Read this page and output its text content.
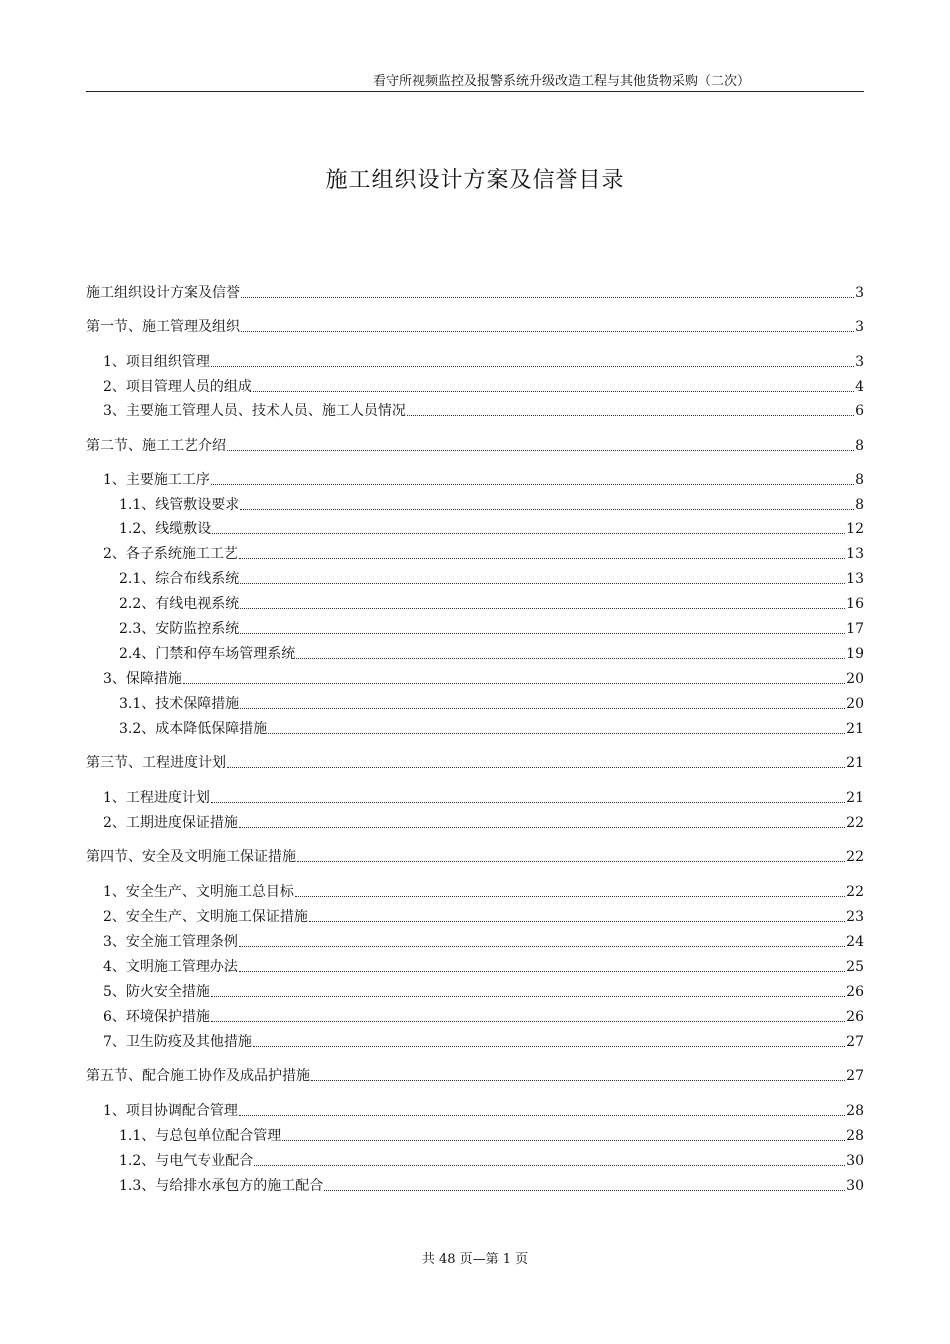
看守所视频监控及报警系统升级改造工程与其他货物采购（二次）
施工组织设计方案及信誉目录
施工组织设计方案及信誉	3
第一节、施工管理及组织	3
1、项目组织管理	3
2、项目管理人员的组成	4
3、主要施工管理人员、技术人员、施工人员情况	6
第二节、施工工艺介绍	8
1、主要施工工序	8
1.1、线管敷设要求	8
1.2、线缆敷设	12
2、各子系统施工工艺	13
2.1、综合布线系统	13
2.2、有线电视系统	16
2.3、安防监控系统	17
2.4、门禁和停车场管理系统	19
3、保障措施	20
3.1、技术保障措施	20
3.2、成本降低保障措施	21
第三节、工程进度计划	21
1、工程进度计划	21
2、工期进度保证措施	22
第四节、安全及文明施工保证措施	22
1、安全生产、文明施工总目标	22
2、安全生产、文明施工保证措施	23
3、安全施工管理条例	24
4、文明施工管理办法	25
5、防火安全措施	26
6、环境保护措施	26
7、卫生防疫及其他措施	27
第五节、配合施工协作及成品护措施	27
1、项目协调配合管理	28
1.1、与总包单位配合管理	28
1.2、与电气专业配合	30
1.3、与给排水承包方的施工配合	30
共 48 页—第 1 页
